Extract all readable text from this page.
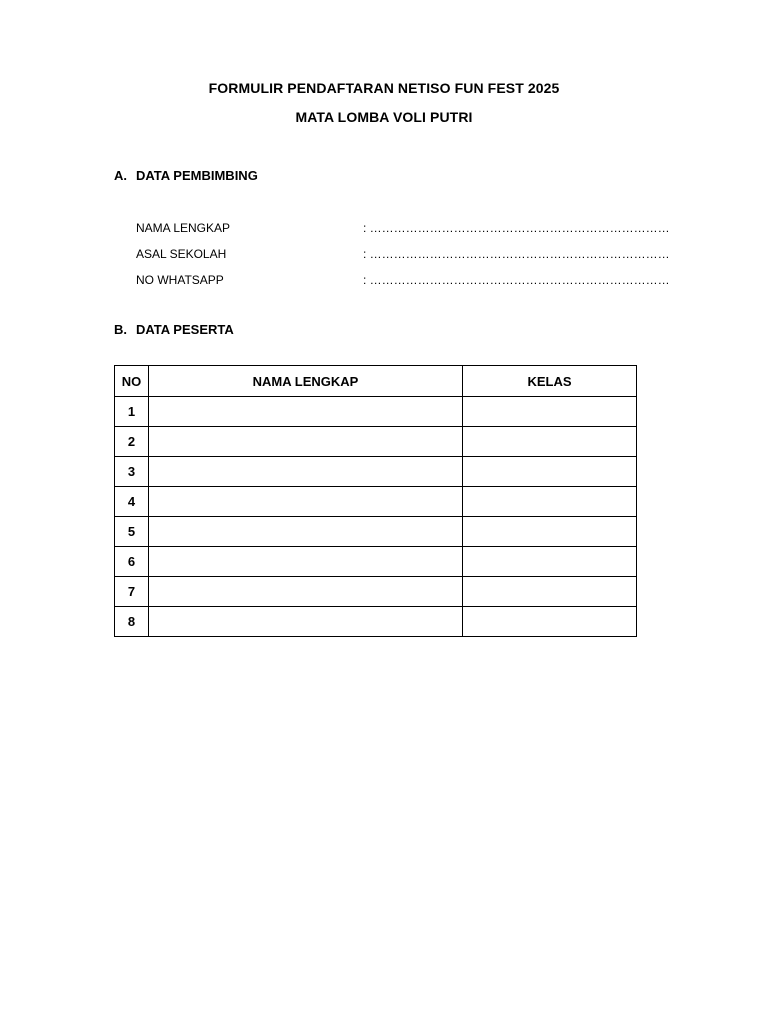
FORMULIR PENDAFTARAN NETISO FUN FEST 2025
MATA LOMBA VOLI PUTRI
A. DATA PEMBIMBING
NAMA LENGKAP	: …………………………………………………………………
ASAL SEKOLAH	: …………………………………………………………………
NO WHATSAPP	: …………………………………………………………………
B. DATA PESERTA
NO	NAMA LENGKAP	KELAS
1		
2		
3		
4		
5		
6		
7		
8		
